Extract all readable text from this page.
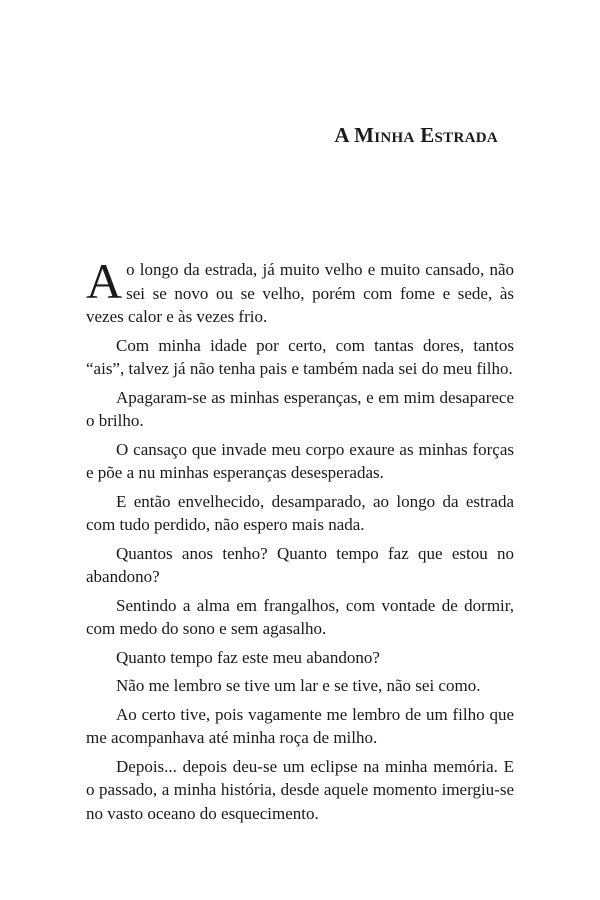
A Minha Estrada

Ao longo da estrada, já muito velho e muito cansado, não sei se novo ou se velho, porém com fome e sede, às vezes calor e às vezes frio.

Com minha idade por certo, com tantas dores, tantos “ais”, talvez já não tenha pais e também nada sei do meu filho.

Apagaram-se as minhas esperanças, e em mim desaparece o brilho.

O cansaço que invade meu corpo exaure as minhas forças e põe a nu minhas esperanças desesperadas.

E então envelhecido, desamparado, ao longo da estrada com tudo perdido, não espero mais nada.

Quantos anos tenho? Quanto tempo faz que estou no abandono?

Sentindo a alma em frangalhos, com vontade de dormir, com medo do sono e sem agasalho.

Quanto tempo faz este meu abandono?

Não me lembro se tive um lar e se tive, não sei como.

Ao certo tive, pois vagamente me lembro de um filho que me acompanhava até minha roça de milho.

Depois... depois deu-se um eclipse na minha memória. E o passado, a minha história, desde aquele momento imergiu-se no vasto oceano do esquecimento.
